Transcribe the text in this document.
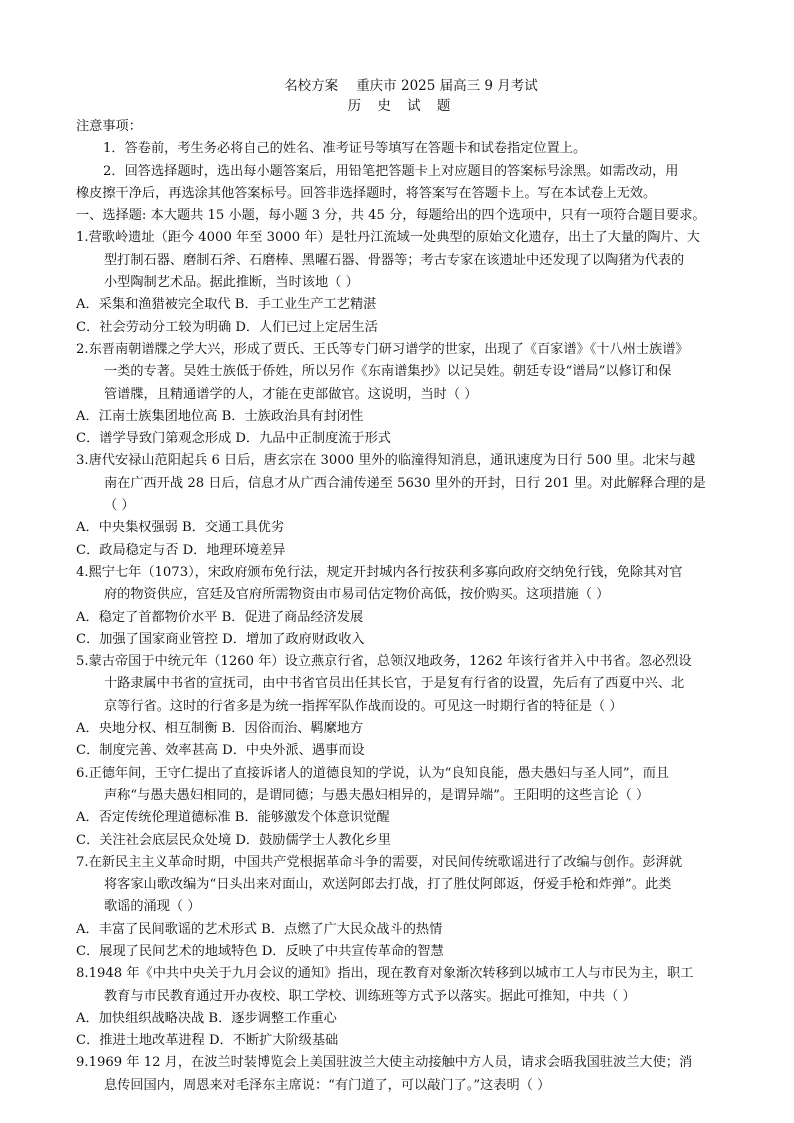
名校方案 重庆市 2025 届高三 9 月考试
历 史 试 题
注意事项：
1．答卷前，考生务必将自己的姓名、准考证号等填写在答题卡和试卷指定位置上。
2．回答选择题时，选出每小题答案后，用铅笔把答题卡上对应题目的答案标号涂黑。如需改动，用
橡皮擦干净后，再选涂其他答案标号。回答非选择题时，将答案写在答题卡上。写在本试卷上无效。
一、选择题: 本大题共 15 小题，每小题 3 分，共 45 分，每题给出的四个选项中，只有一项符合题目要求。
1.营歌岭遗址（距今 4000 年至 3000 年）是牡丹江流域一处典型的原始文化遗存，出土了大量的陶片、大
型打制石器、磨制石斧、石磨棒、黑曜石器、骨器等；考古专家在该遗址中还发现了以陶猪为代表的
小型陶制艺术品。据此推断，当时该地（ ）
A．采集和渔猎被完全取代 B．手工业生产工艺精湛
C．社会劳动分工较为明确 D．人们已过上定居生活
2.东晋南朝谱牒之学大兴，形成了贾氏、王氏等专门研习谱学的世家，出现了《百家谱》《十八州士族谱》
一类的专著。吴姓士族低于侨姓，所以另作《东南谱集抄》以记吴姓。朝廷专设“谱局”以修订和保
管谱牒，且精通谱学的人，才能在吏部做官。这说明，当时（ ）
A．江南士族集团地位高 B．士族政治具有封闭性
C．谱学导致门第观念形成 D．九品中正制度流于形式
3.唐代安禄山范阳起兵 6 日后，唐玄宗在 3000 里外的临潼得知消息，通讯速度为日行 500 里。北宋与越
南在广西开战 28 日后，信息才从广西合浦传递至 5630 里外的开封，日行 201 里。对此解释合理的是
（ ）
A．中央集权强弱 B．交通工具优劣
C．政局稳定与否 D．地理环境差异
4.熙宁七年（1073），宋政府颁布免行法，规定开封城内各行按获利多寡向政府交纳免行钱，免除其对官
府的物资供应，宫廷及官府所需物资由市易司估定物价高低，按价购买。这项措施（ ）
A．稳定了首都物价水平 B．促进了商品经济发展
C．加强了国家商业管控 D．增加了政府财政收入
5.蒙古帝国于中统元年（1260 年）设立燕京行省，总领汉地政务，1262 年该行省并入中书省。忽必烈设
十路隶属中书省的宣抚司，由中书省官员出任其长官，于是复有行省的设置，先后有了西夏中兴、北
京等行省。这时的行省多是为统一指挥军队作战而设的。可见这一时期行省的特征是（ ）
A．央地分权、相互制衡 B．因俗而治、羁縻地方
C．制度完善、效率甚高 D．中央外派、遇事而设
6.正德年间，王守仁提出了直接诉诸人的道德良知的学说，认为“良知良能，愚夫愚妇与圣人同”，而且
声称“与愚夫愚妇相同的，是谓同德；与愚夫愚妇相异的，是谓异端”。王阳明的这些言论（ ）
A．否定传统伦理道德标准 B．能够激发个体意识觉醒
C．关注社会底层民众处境 D．鼓励儒学士人教化乡里
7.在新民主主义革命时期，中国共产党根据革命斗争的需要，对民间传统歌谣进行了改编与创作。彭湃就
将客家山歌改编为“日头出来对面山，欢送阿郎去打战，打了胜仗阿郎返，伢爱手枪和炸弹”。此类
歌谣的涌现（ ）
A．丰富了民间歌谣的艺术形式 B．点燃了广大民众战斗的热情
C．展现了民间艺术的地域特色 D．反映了中共宣传革命的智慧
8.1948 年《中共中央关于九月会议的通知》指出，现在教育对象渐次转移到以城市工人与市民为主，职工
教育与市民教育通过开办夜校、职工学校、训练班等方式予以落实。据此可推知，中共（ ）
A．加快组织战略决战 B．逐步调整工作重心
C．推进土地改革进程 D．不断扩大阶级基础
9.1969 年 12 月，在波兰时装博览会上美国驻波兰大使主动接触中方人员，请求会晤我国驻波兰大使；消
息传回国内，周恩来对毛泽东主席说：“有门道了，可以敲门了。”这表明（ ）
